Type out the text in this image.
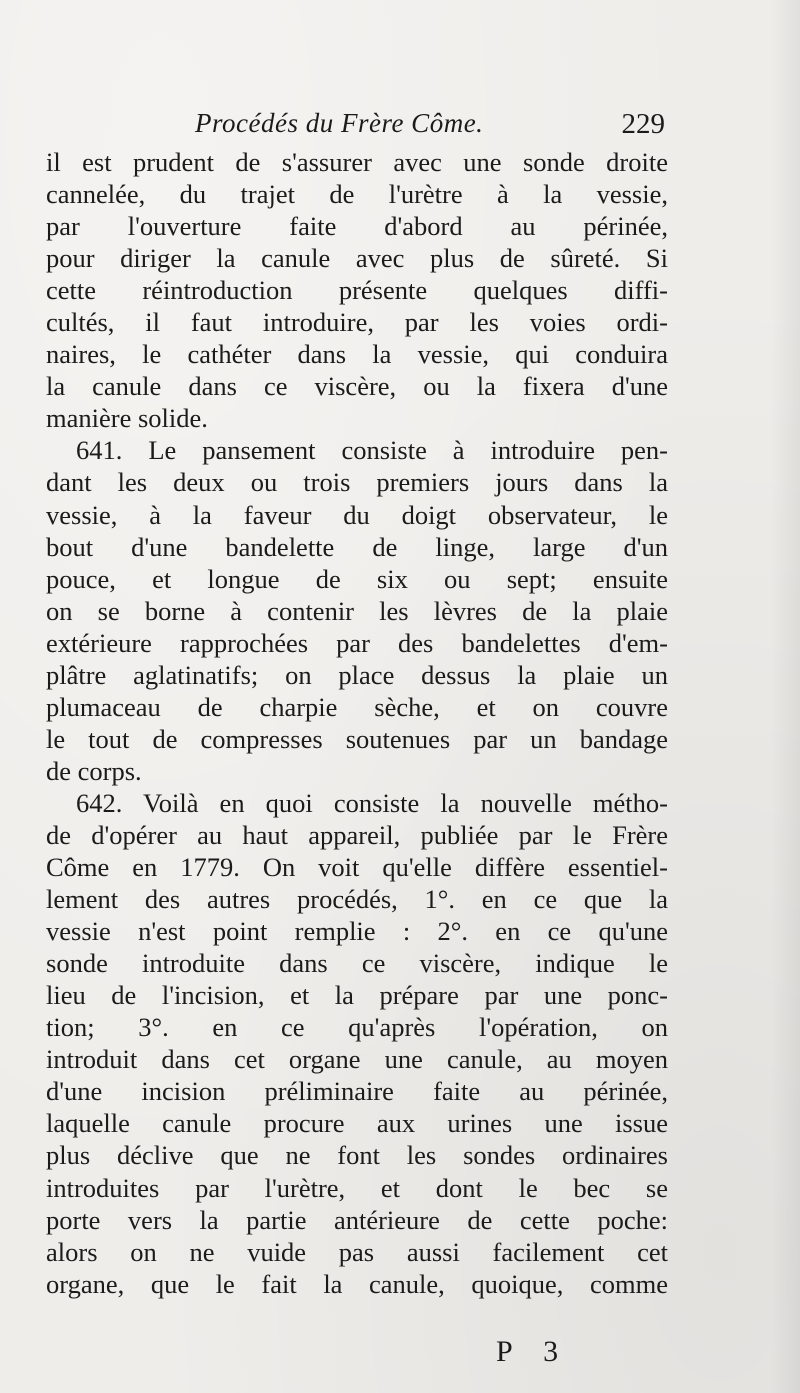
Procédés du Frère Côme.	229
il est prudent de s'assurer avec une sonde droite
cannelée, du trajet de l'urètre à la vessie,
par l'ouverture faite d'abord au périnée,
pour diriger la canule avec plus de sûreté. Si
cette réintroduction présente quelques diffi-
cultés, il faut introduire, par les voies ordi-
naires, le cathéter dans la vessie, qui conduira
la canule dans ce viscère, ou la fixera d'une
manière solide.
641. Le pansement consiste à introduire pen-
dant les deux ou trois premiers jours dans la
vessie, à la faveur du doigt observateur, le
bout d'une bandelette de linge, large d'un
pouce, et longue de six ou sept; ensuite
on se borne à contenir les lèvres de la plaie
extérieure rapprochées par des bandelettes d'em-
plâtre aglatinatifs; on place dessus la plaie un
plumaceau de charpie sèche, et on couvre
le tout de compresses soutenues par un bandage
de corps.
642. Voilà en quoi consiste la nouvelle métho-
de d'opérer au haut appareil, publiée par le Frère
Côme en 1779. On voit qu'elle diffère essentiel-
lement des autres procédés, 1°. en ce que la
vessie n'est point remplie : 2°. en ce qu'une
sonde introduite dans ce viscère, indique le
lieu de l'incision, et la prépare par une ponc-
tion; 3°. en ce qu'après l'opération, on
introduit dans cet organe une canule, au moyen
d'une incision préliminaire faite au périnée,
laquelle canule procure aux urines une issue
plus déclive que ne font les sondes ordinaires
introduites par l'urètre, et dont le bec se
porte vers la partie antérieure de cette poche:
alors on ne vuide pas aussi facilement cet
organe, que le fait la canule, quoique, comme
P 3
